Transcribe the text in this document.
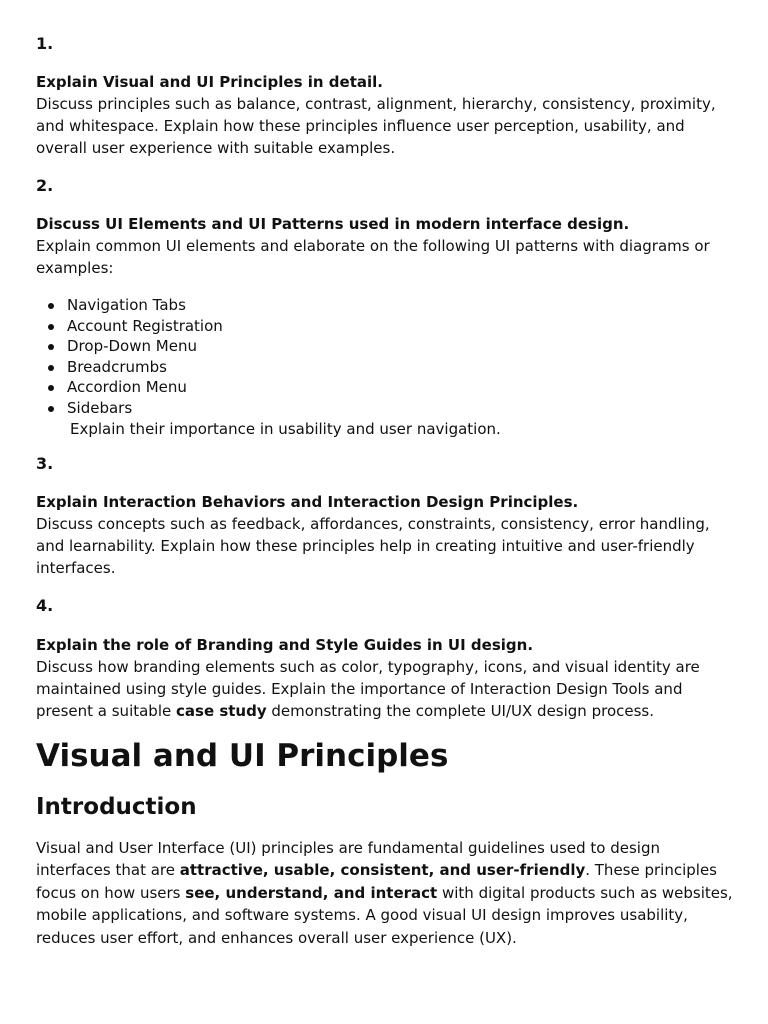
1.
Explain Visual and UI Principles in detail.
Discuss principles such as balance, contrast, alignment, hierarchy, consistency, proximity, and whitespace. Explain how these principles influence user perception, usability, and overall user experience with suitable examples.
2.
Discuss UI Elements and UI Patterns used in modern interface design.
Explain common UI elements and elaborate on the following UI patterns with diagrams or examples:
Navigation Tabs
Account Registration
Drop-Down Menu
Breadcrumbs
Accordion Menu
Sidebars
Explain their importance in usability and user navigation.
3.
Explain Interaction Behaviors and Interaction Design Principles.
Discuss concepts such as feedback, affordances, constraints, consistency, error handling, and learnability. Explain how these principles help in creating intuitive and user-friendly interfaces.
4.
Explain the role of Branding and Style Guides in UI design.
Discuss how branding elements such as color, typography, icons, and visual identity are maintained using style guides. Explain the importance of Interaction Design Tools and present a suitable case study demonstrating the complete UI/UX design process.
Visual and UI Principles
Introduction
Visual and User Interface (UI) principles are fundamental guidelines used to design interfaces that are attractive, usable, consistent, and user-friendly. These principles focus on how users see, understand, and interact with digital products such as websites, mobile applications, and software systems. A good visual UI design improves usability, reduces user effort, and enhances overall user experience (UX).
